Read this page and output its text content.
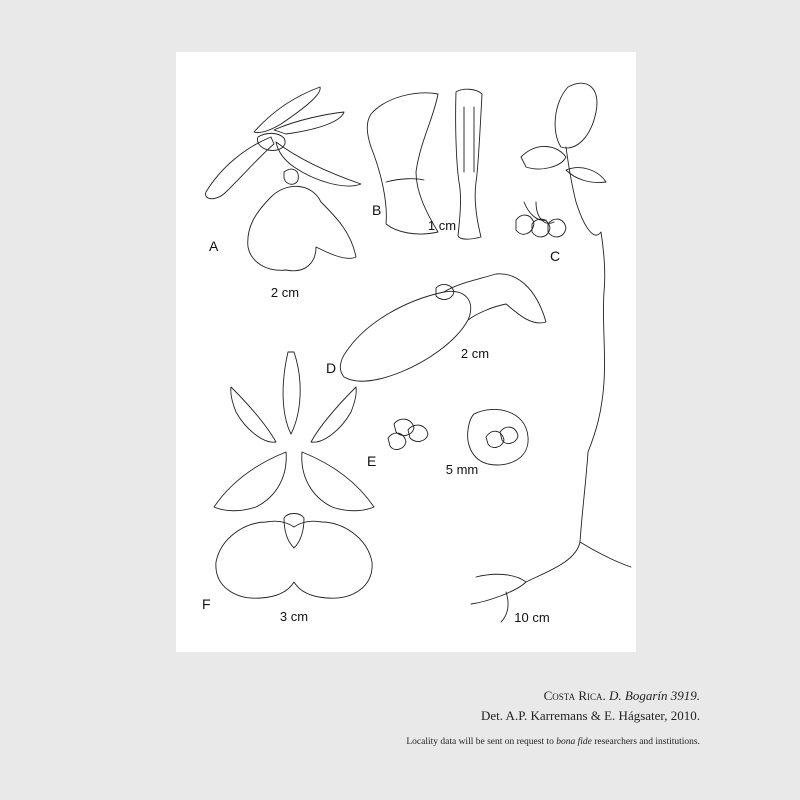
A
B
C
D
E
F
2 cm
1 cm
10 cm
2 cm
5 mm
3 cm
Costa Rica. D. Bogarín 3919.
Det. A.P. Karremans & E. Hágsater, 2010.
Locality data will be sent on request to bona fide researchers and institutions.
